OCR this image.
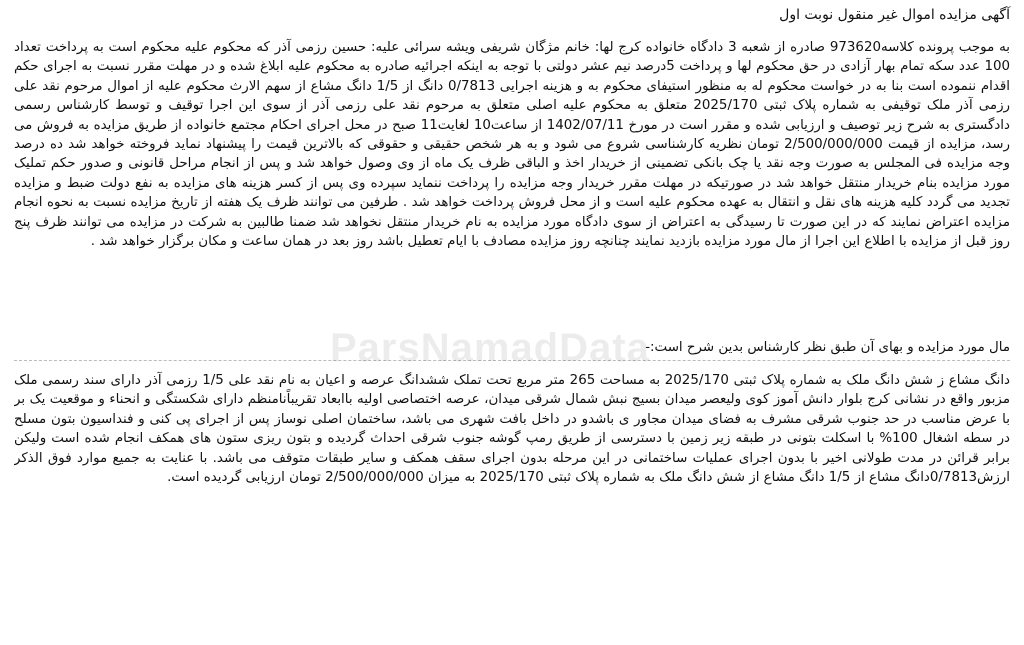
آگهی مزایده اموال غیر منقول نوبت اول

به موجب پرونده کلاسه973620 صادره از شعبه 3 دادگاه خانواده کرج لها: خانم مژگان شریفی ویشه سرائی علیه: حسین رزمی آذر که محکوم علیه محکوم است به پرداخت تعداد 100 عدد سکه تمام بهار آزادی در حق محکوم لها و پرداخت 5درصد نیم عشر دولتی با توجه به اینکه اجرائیه صادره به محکوم علیه ابلاغ شده و در مهلت مقرر نسبت به اجرای حکم اقدام ننموده است بنا به در خواست محکوم له به منظور استیفای محکوم به و هزینه اجرایی 0/7813 دانگ از 1/5 دانگ مشاع از سهم الارث محکوم علیه از اموال مرحوم نقد علی رزمی آذر ملک توقیفی به شماره پلاک ثبتی 2025/170 متعلق به محکوم علیه اصلی متعلق به مرحوم نقد علی رزمی آذر از سوی این اجرا توقیف و توسط کارشناس رسمی دادگستری به شرح زیر توصیف و ارزیابی شده و مقرر است در مورخ 1402/07/11 از ساعت10 لغایت11 صبح در محل اجرای احکام مجتمع خانواده از طریق مزایده به فروش می رسد، مزایده از قیمت 2/500/000/000 تومان نظریه کارشناسی شروع می شود و به هر شخص حقیقی و حقوقی که بالاترین قیمت را پیشنهاد نماید فروخته خواهد شد ده درصد وجه مزایده فی المجلس به صورت وجه نقد یا چک بانکی تضمینی از خریدار اخذ و الباقی ظرف یک ماه از وی وصول خواهد شد و پس از انجام مراحل قانونی و صدور حکم تملیک مورد مزایده بنام خریدار منتقل خواهد شد در صورتیکه در مهلت مقرر خریدار وجه مزایده را پرداخت ننماید سپرده وی پس از کسر هزینه های مزایده به نفع دولت ضبط و مزایده تجدید می گردد کلیه هزینه های نقل و انتقال به عهده محکوم علیه است و از محل فروش پرداخت خواهد شد . طرفین می توانند ظرف یک هفته از تاریخ مزایده نسبت به نحوه انجام مزایده اعتراض نمایند که در این صورت تا رسیدگی به اعتراض از سوی دادگاه مورد مزایده به نام خریدار منتقل نخواهد شد ضمنا طالبین به شرکت در مزایده می توانند ظرف پنج روز قبل از مزایده با اطلاع این اجرا از مال مورد مزایده بازدید نمایند چنانچه روز مزایده مصادف با ایام تعطیل باشد روز بعد در همان ساعت و مکان برگزار خواهد شد .

مال مورد مزایده و بهای آن طبق نظر کارشناس بدین شرح است:-

دانگ مشاع ز شش دانگ ملک به شماره پلاک ثبتی 2025/170 به مساحت 265 متر مربع تحت تملک ششدانگ عرصه و اعیان به نام نقد علی 1/5 رزمی آذر دارای سند رسمی ملک مزبور واقع در نشانی کرج بلوار دانش آموز کوی ولیعصر میدان بسیج نبش شمال شرقی میدان، عرصه اختصاصی اولیه باابعاد تقریباًنامنظم دارای شکستگی و انحناء و موقعیت یک بر با عرض مناسب در حد جنوب شرقی مشرف به فضای میدان مجاور ی باشدو در داخل بافت شهری می باشد، ساختمان اصلی نوساز پس از اجرای پی کنی و فنداسیون بتون مسلح در سطه اشغال 100% با اسکلت بتونی در طبقه زیر زمین با دسترسی از طریق رمپ گوشه جنوب شرقی احداث گردیده و بتون ریزی ستون های همکف انجام شده است ولیکن برابر قرائن در مدت طولانی اخیر با بدون اجرای عملیات ساختمانی در این مرحله بدون اجرای سقف همکف و سایر طبقات متوقف می باشد. با عنایت به جمیع موارد فوق الذکر ارزش0/7813دانگ مشاع از 1/5 دانگ مشاع از شش دانگ ملک به شماره پلاک ثبتی 2025/170 به میزان 2/500/000/000 تومان ارزیابی گردیده است.

ParsNamadData
